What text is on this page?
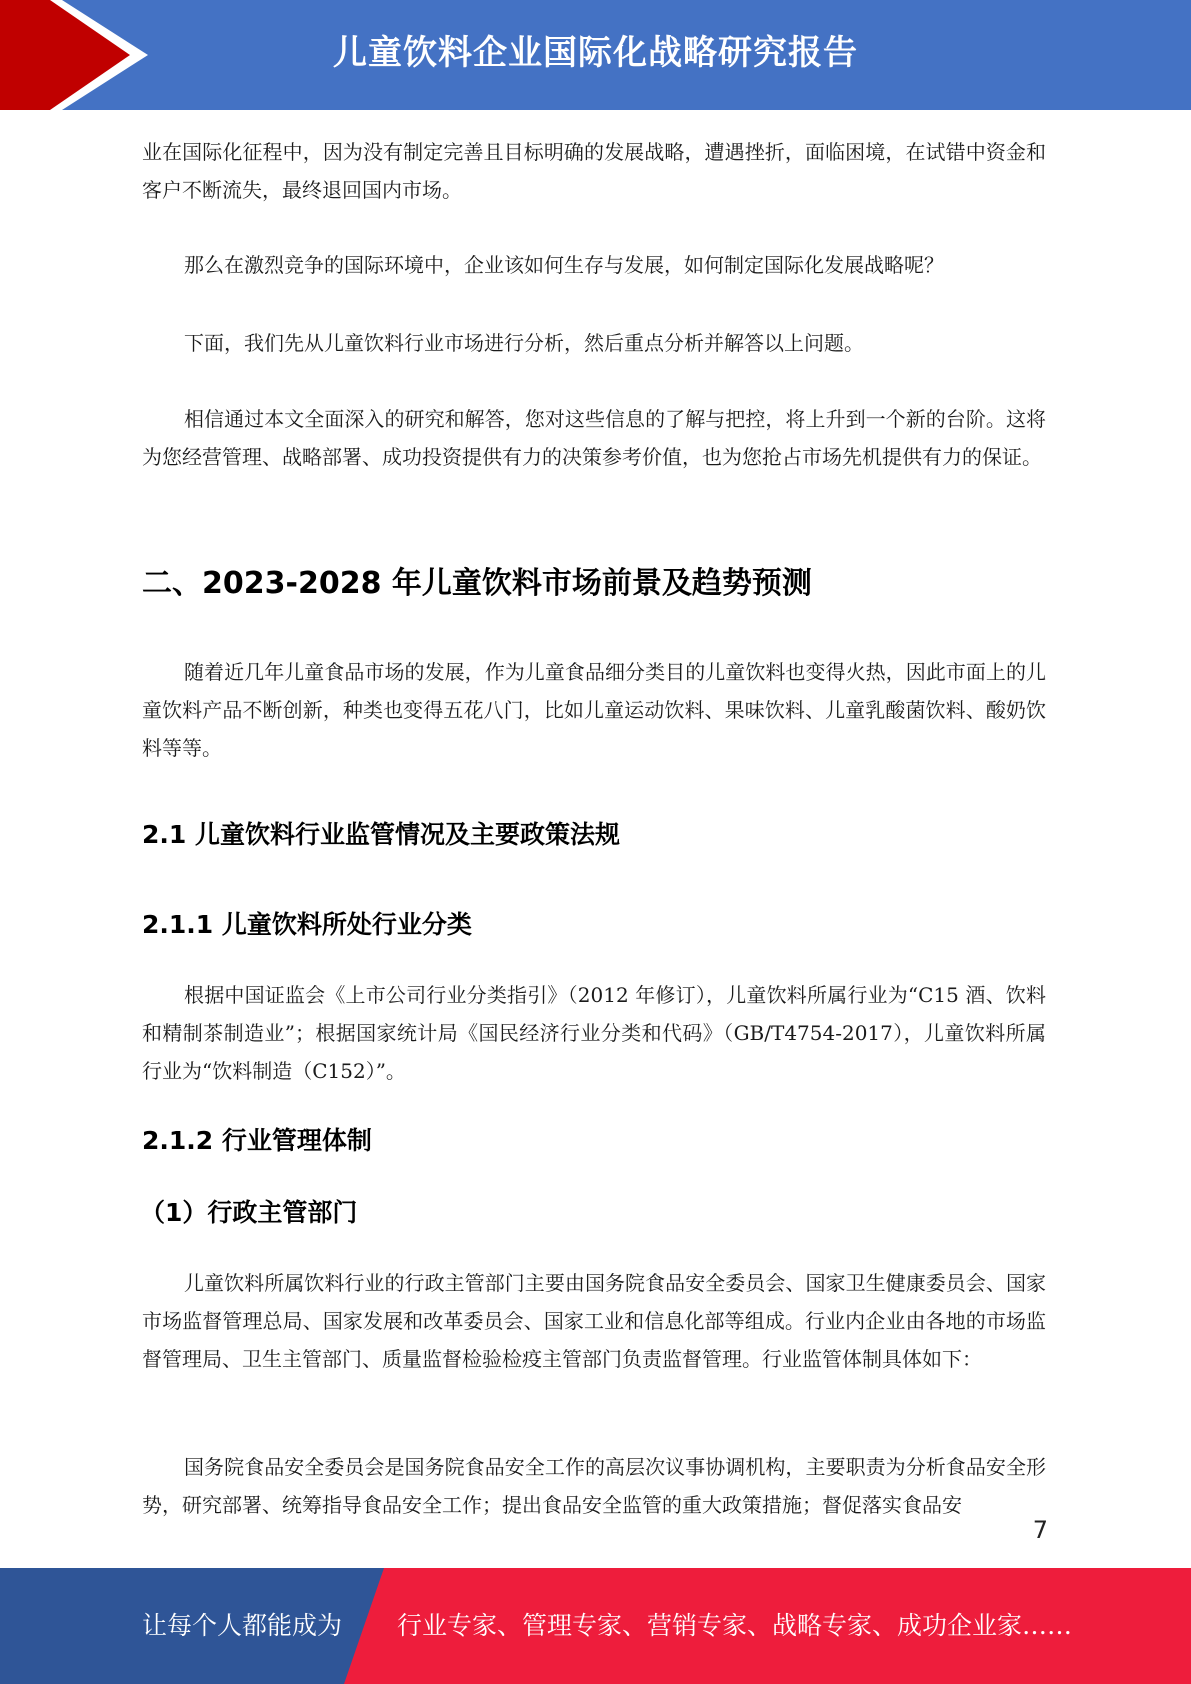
儿童饮料企业国际化战略研究报告

业在国际化征程中，因为没有制定完善且目标明确的发展战略，遭遇挫折，面临困境，在试错中资金和客户不断流失，最终退回国内市场。

那么在激烈竞争的国际环境中，企业该如何生存与发展，如何制定国际化发展战略呢？

下面，我们先从儿童饮料行业市场进行分析，然后重点分析并解答以上问题。

相信通过本文全面深入的研究和解答，您对这些信息的了解与把控，将上升到一个新的台阶。这将为您经营管理、战略部署、成功投资提供有力的决策参考价值，也为您抢占市场先机提供有力的保证。

二、2023-2028 年儿童饮料市场前景及趋势预测

随着近几年儿童食品市场的发展，作为儿童食品细分类目的儿童饮料也变得火热，因此市面上的儿童饮料产品不断创新，种类也变得五花八门，比如儿童运动饮料、果味饮料、儿童乳酸菌饮料、酸奶饮料等等。

2.1 儿童饮料行业监管情况及主要政策法规
2.1.1 儿童饮料所处行业分类

根据中国证监会《上市公司行业分类指引》（2012 年修订），儿童饮料所属行业为“C15 酒、饮料和精制茶制造业”；根据国家统计局《国民经济行业分类和代码》（GB/T4754-2017），儿童饮料所属行业为“饮料制造（C152）”。

2.1.2 行业管理体制
（1）行政主管部门

儿童饮料所属饮料行业的行政主管部门主要由国务院食品安全委员会、国家卫生健康委员会、国家市场监督管理总局、国家发展和改革委员会、国家工业和信息化部等组成。行业内企业由各地的市场监督管理局、卫生主管部门、质量监督检验检疫主管部门负责监督管理。行业监管体制具体如下：

国务院食品安全委员会是国务院食品安全工作的高层次议事协调机构，主要职责为分析食品安全形势，研究部署、统筹指导食品安全工作；提出食品安全监管的重大政策措施；督促落实食品安

7
让每个人都能成为 行业专家、管理专家、营销专家、战略专家、成功企业家……
